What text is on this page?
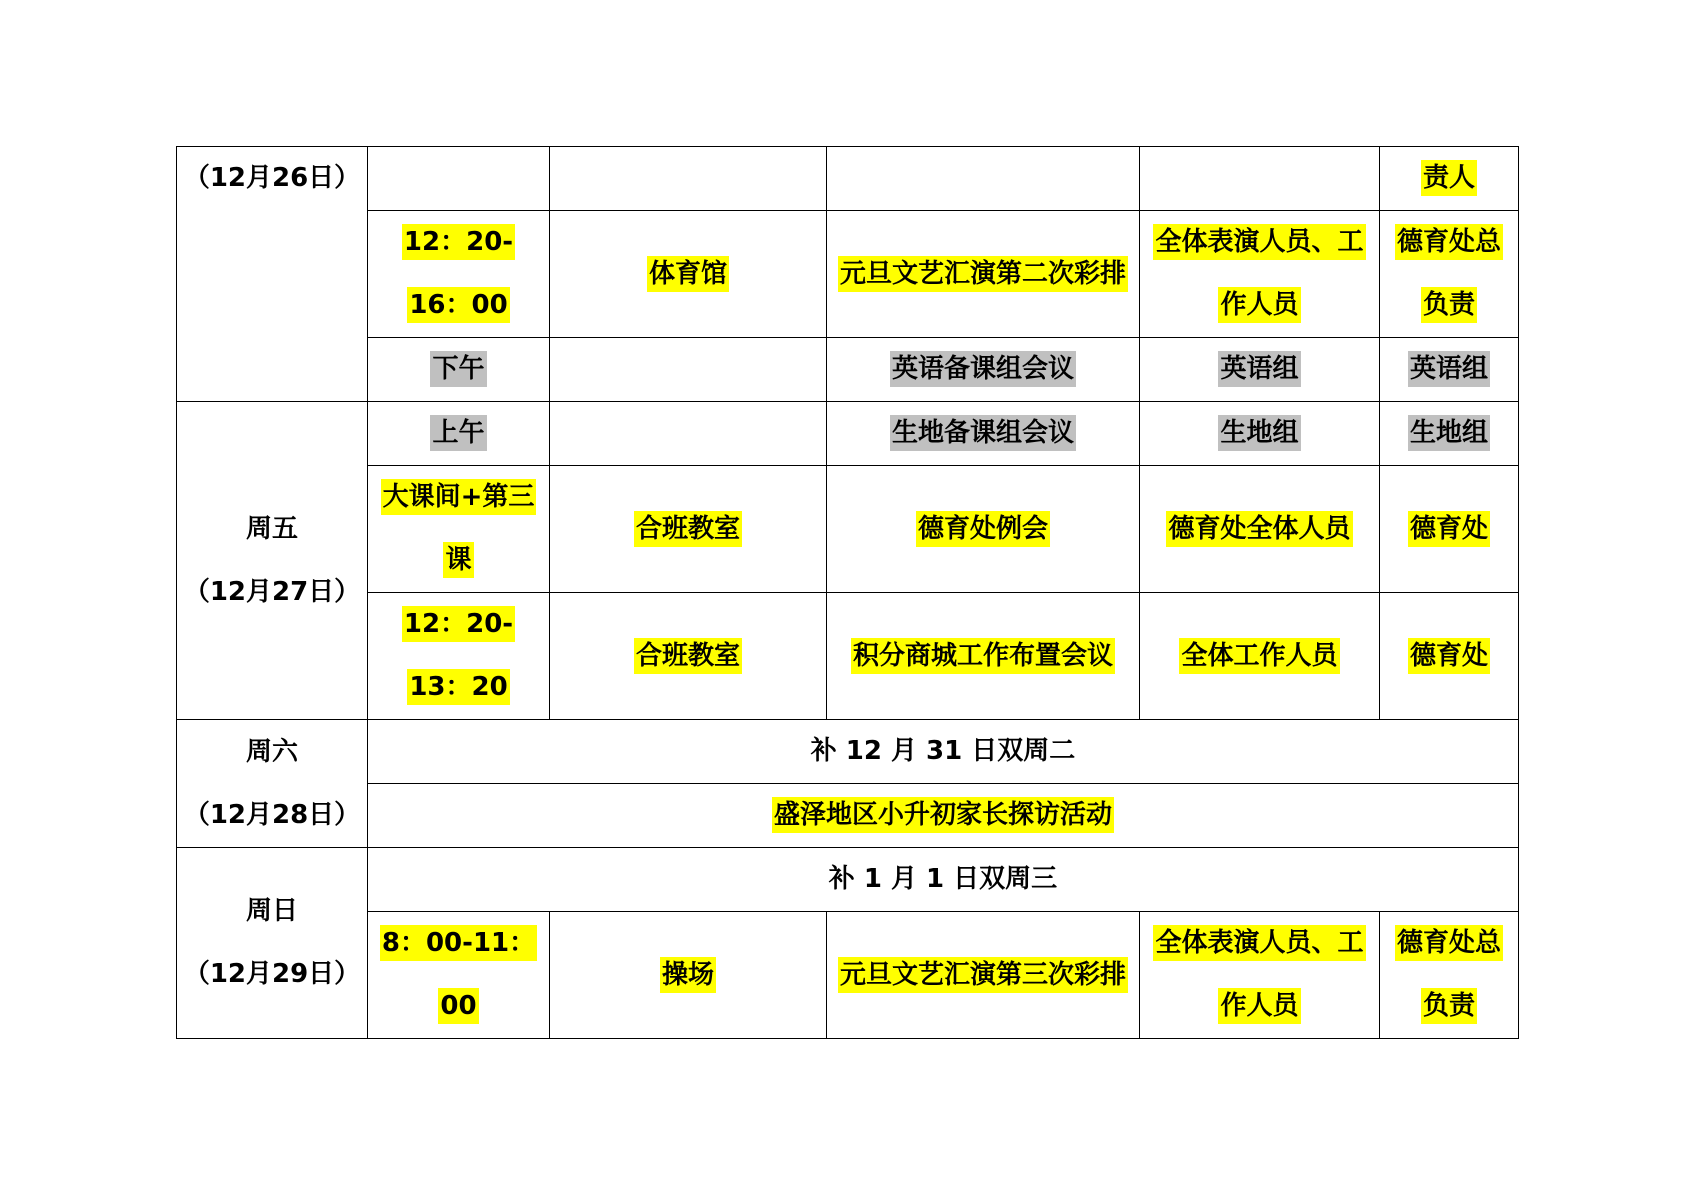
（12月26日）					责人
	12：20-16：00	体育馆	元旦文艺汇演第二次彩排	全体表演人员、工作人员	德育处总负责
	下午		英语备课组会议	英语组	英语组

周五
（12月27日）	上午		生地备课组会议	生地组	生地组
	大课间+第三课	合班教室	德育处例会	德育处全体人员	德育处
	12：20-13：20	合班教室	积分商城工作布置会议	全体工作人员	德育处

周六
（12月28日）	补 12 月 31 日双周二				
	盛泽地区小升初家长探访活动				

周日
（12月29日）	补 1 月 1 日双周三				
	8：00-11：00	操场	元旦文艺汇演第三次彩排	全体表演人员、工作人员	德育处总负责
